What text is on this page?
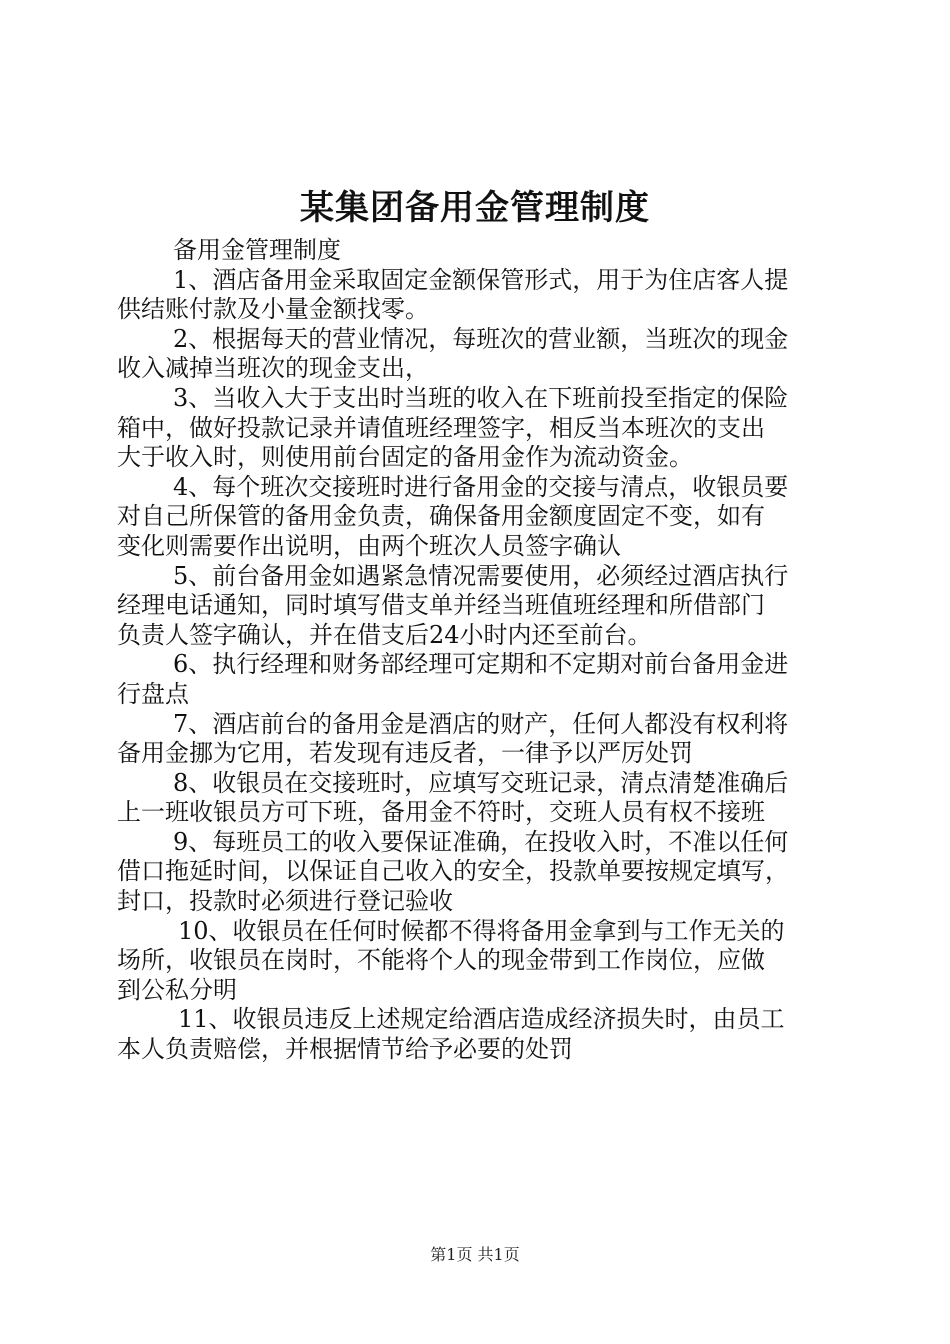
某集团备用金管理制度
备用金管理制度
1、酒店备用金采取固定金额保管形式，用于为住店客人提
供结账付款及小量金额找零。
2、根据每天的营业情况，每班次的营业额，当班次的现金
收入减掉当班次的现金支出，
3、当收入大于支出时当班的收入在下班前投至指定的保险
箱中，做好投款记录并请值班经理签字，相反当本班次的支出
大于收入时，则使用前台固定的备用金作为流动资金。
4、每个班次交接班时进行备用金的交接与清点，收银员要
对自己所保管的备用金负责，确保备用金额度固定不变，如有
变化则需要作出说明，由两个班次人员签字确认
5、前台备用金如遇紧急情况需要使用，必须经过酒店执行
经理电话通知，同时填写借支单并经当班值班经理和所借部门
负责人签字确认，并在借支后24小时内还至前台。
6、执行经理和财务部经理可定期和不定期对前台备用金进
行盘点
7、酒店前台的备用金是酒店的财产，任何人都没有权利将
备用金挪为它用，若发现有违反者，一律予以严厉处罚
8、收银员在交接班时，应填写交班记录，清点清楚准确后
上一班收银员方可下班，备用金不符时，交班人员有权不接班
9、每班员工的收入要保证准确，在投收入时，不准以任何
借口拖延时间，以保证自己收入的安全，投款单要按规定填写，
封口，投款时必须进行登记验收
10、收银员在任何时候都不得将备用金拿到与工作无关的
场所，收银员在岗时，不能将个人的现金带到工作岗位，应做
到公私分明
11、收银员违反上述规定给酒店造成经济损失时，由员工
本人负责赔偿，并根据情节给予必要的处罚
第1页 共1页
